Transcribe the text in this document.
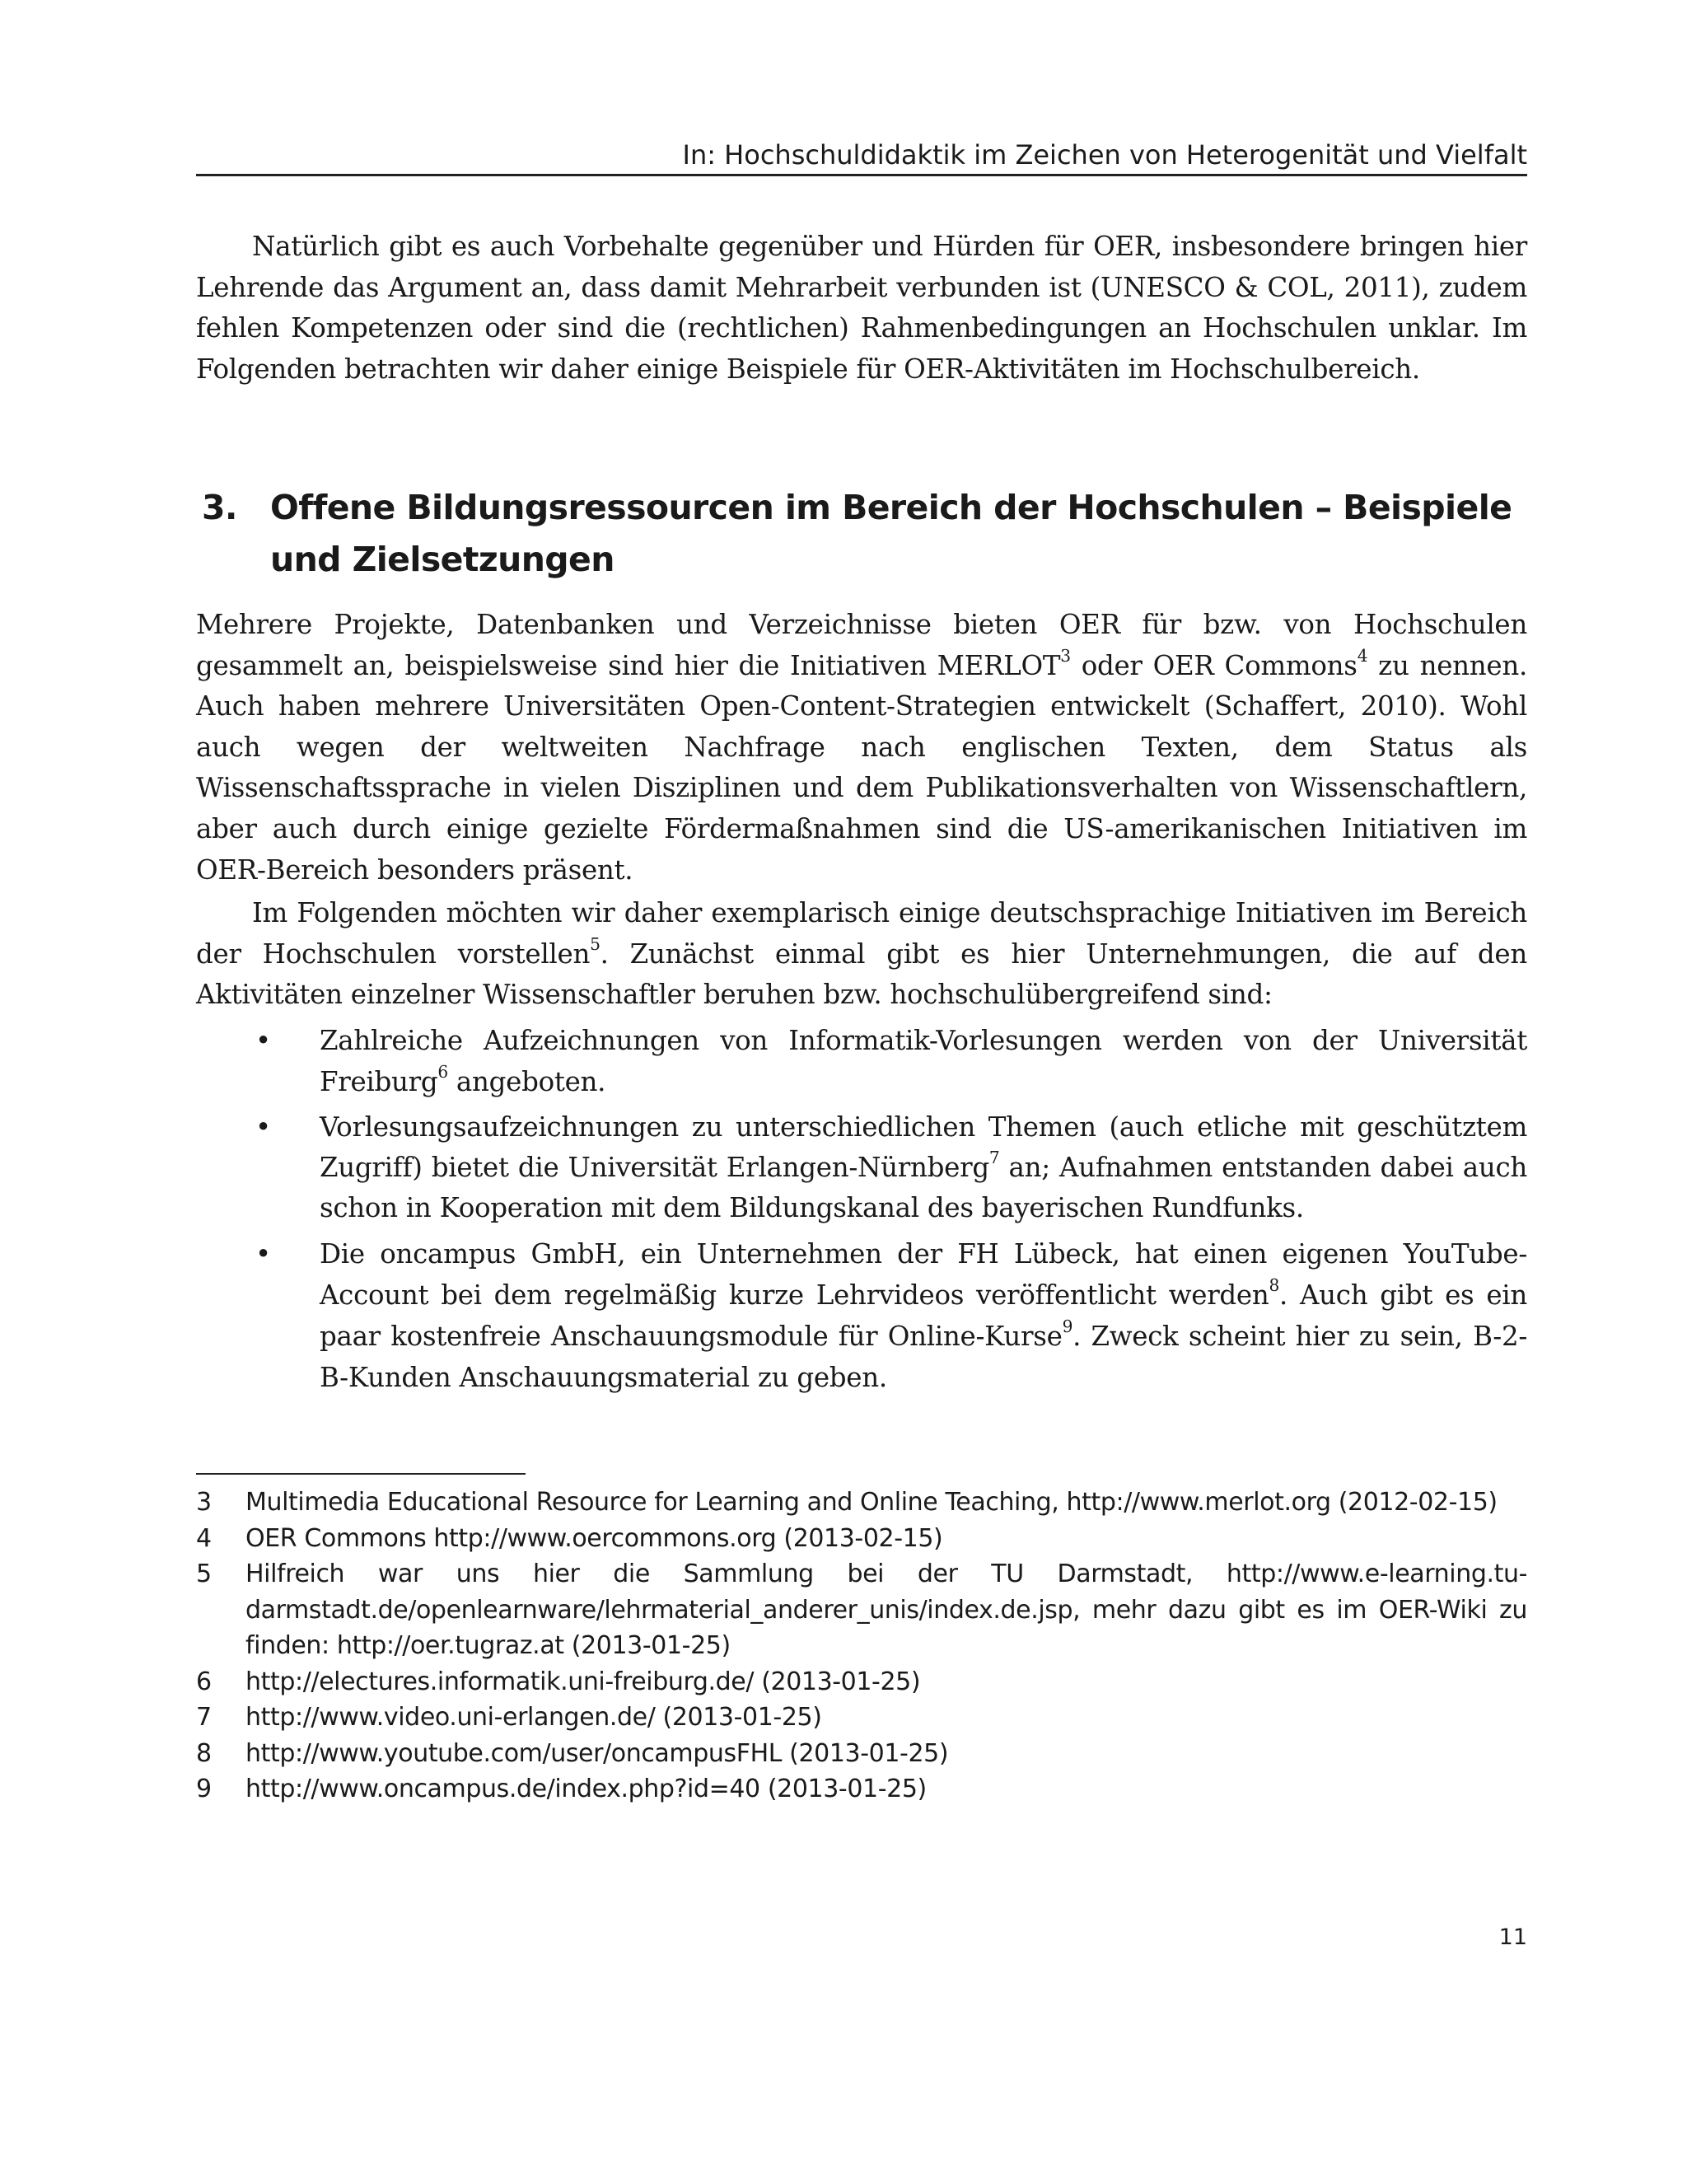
In: Hochschuldidaktik im Zeichen von Heterogenität und Vielfalt

Natürlich gibt es auch Vorbehalte gegenüber und Hürden für OER, insbesondere bringen hier Lehrende das Argument an, dass damit Mehrarbeit verbunden ist (UNESCO & COL, 2011), zudem fehlen Kompetenzen oder sind die (rechtlichen) Rahmenbedingungen an Hochschulen unklar. Im Folgenden betrachten wir daher einige Beispiele für OER-Aktivitäten im Hochschulbereich.

3. Offene Bildungsressourcen im Bereich der Hochschulen – Beispiele und Zielsetzungen

Mehrere Projekte, Datenbanken und Verzeichnisse bieten OER für bzw. von Hochschulen gesammelt an, beispielsweise sind hier die Initiativen MERLOT$^3$ oder OER Commons$^4$ zu nennen. Auch haben mehrere Universitäten Open-Content-Strategien entwickelt (Schaffert, 2010). Wohl auch wegen der weltweiten Nachfrage nach englischen Texten, dem Status als Wissenschaftssprache in vielen Disziplinen und dem Publikationsverhalten von Wissenschaftlern, aber auch durch einige gezielte Fördermaßnahmen sind die US-amerikanischen Initiativen im OER-Bereich besonders präsent.

Im Folgenden möchten wir daher exemplarisch einige deutschsprachige Initiativen im Bereich der Hochschulen vorstellen$^5$. Zunächst einmal gibt es hier Unternehmungen, die auf den Aktivitäten einzelner Wissenschaftler beruhen bzw. hochschulübergreifend sind:

• Zahlreiche Aufzeichnungen von Informatik-Vorlesungen werden von der Universität Freiburg$^6$ angeboten.
• Vorlesungsaufzeichnungen zu unterschiedlichen Themen (auch etliche mit geschütztem Zugriff) bietet die Universität Erlangen-Nürnberg$^7$ an; Aufnahmen entstanden dabei auch schon in Kooperation mit dem Bildungskanal des bayerischen Rundfunks.
• Die oncampus GmbH, ein Unternehmen der FH Lübeck, hat einen eigenen YouTube-Account bei dem regelmäßig kurze Lehrvideos veröffentlicht werden$^8$. Auch gibt es ein paar kostenfreie Anschauungsmodule für Online-Kurse$^9$. Zweck scheint hier zu sein, B-2-B-Kunden Anschauungsmaterial zu geben.
3 Multimedia Educational Resource for Learning and Online Teaching, http://www.merlot.org (2012-02-15)
4 OER Commons http://www.oercommons.org (2013-02-15)
5 Hilfreich war uns hier die Sammlung bei der TU Darmstadt, http://www.e-learning.tu-darmstadt.de/openlearnware/lehrmaterial_anderer_unis/index.de.jsp, mehr dazu gibt es im OER-Wiki zu finden: http://oer.tugraz.at (2013-01-25)
6 http://electures.informatik.uni-freiburg.de/ (2013-01-25)
7 http://www.video.uni-erlangen.de/ (2013-01-25)
8 http://www.youtube.com/user/oncampusFHL (2013-01-25)
9 http://www.oncampus.de/index.php?id=40 (2013-01-25)
11
